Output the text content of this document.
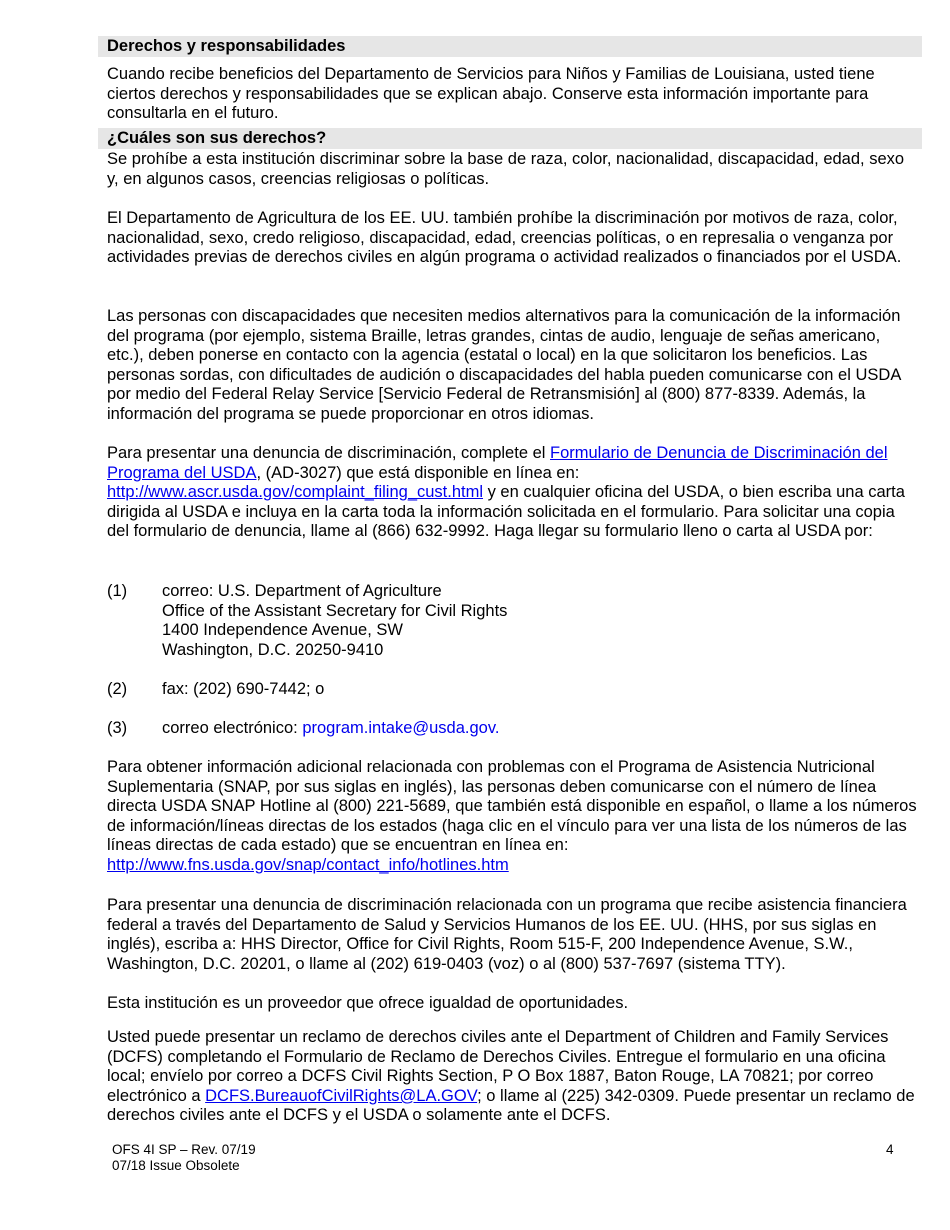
Derechos y responsabilidades

Cuando recibe beneficios del Departamento de Servicios para Niños y Familias de Louisiana, usted tiene ciertos derechos y responsabilidades que se explican abajo. Conserve esta información importante para consultarla en el futuro.

¿Cuáles son sus derechos?

Se prohíbe a esta institución discriminar sobre la base de raza, color, nacionalidad, discapacidad, edad, sexo y, en algunos casos, creencias religiosas o políticas.

El Departamento de Agricultura de los EE. UU. también prohíbe la discriminación por motivos de raza, color, nacionalidad, sexo, credo religioso, discapacidad, edad, creencias políticas, o en represalia o venganza por actividades previas de derechos civiles en algún programa o actividad realizados o financiados por el USDA.

Las personas con discapacidades que necesiten medios alternativos para la comunicación de la información del programa (por ejemplo, sistema Braille, letras grandes, cintas de audio, lenguaje de señas americano, etc.), deben ponerse en contacto con la agencia (estatal o local) en la que solicitaron los beneficios. Las personas sordas, con dificultades de audición o discapacidades del habla pueden comunicarse con el USDA por medio del Federal Relay Service [Servicio Federal de Retransmisión] al (800) 877-8339. Además, la información del programa se puede proporcionar en otros idiomas.

Para presentar una denuncia de discriminación, complete el Formulario de Denuncia de Discriminación del Programa del USDA, (AD-3027) que está disponible en línea en: http://www.ascr.usda.gov/complaint_filing_cust.html y en cualquier oficina del USDA, o bien escriba una carta dirigida al USDA e incluya en la carta toda la información solicitada en el formulario. Para solicitar una copia del formulario de denuncia, llame al (866) 632-9992. Haga llegar su formulario lleno o carta al USDA por:

(1) correo: U.S. Department of Agriculture
Office of the Assistant Secretary for Civil Rights
1400 Independence Avenue, SW
Washington, D.C. 20250-9410
(2) fax: (202) 690-7442; o
(3) correo electrónico: program.intake@usda.gov.

Para obtener información adicional relacionada con problemas con el Programa de Asistencia Nutricional Suplementaria (SNAP, por sus siglas en inglés), las personas deben comunicarse con el número de línea directa USDA SNAP Hotline al (800) 221-5689, que también está disponible en español, o llame a los números de información/líneas directas de los estados (haga clic en el vínculo para ver una lista de los números de las líneas directas de cada estado) que se encuentran en línea en: http://www.fns.usda.gov/snap/contact_info/hotlines.htm

Para presentar una denuncia de discriminación relacionada con un programa que recibe asistencia financiera federal a través del Departamento de Salud y Servicios Humanos de los EE. UU. (HHS, por sus siglas en inglés), escriba a: HHS Director, Office for Civil Rights, Room 515-F, 200 Independence Avenue, S.W., Washington, D.C. 20201, o llame al (202) 619-0403 (voz) o al (800) 537-7697 (sistema TTY).

Esta institución es un proveedor que ofrece igualdad de oportunidades.

Usted puede presentar un reclamo de derechos civiles ante el Department of Children and Family Services (DCFS) completando el Formulario de Reclamo de Derechos Civiles. Entregue el formulario en una oficina local; envíelo por correo a DCFS Civil Rights Section, P O Box 1887, Baton Rouge, LA 70821; por correo electrónico a DCFS.BureauofCivilRights@LA.GOV; o llame al (225) 342-0309. Puede presentar un reclamo de derechos civiles ante el DCFS y el USDA o solamente ante el DCFS.

OFS 4I SP – Rev. 07/19
07/18 Issue Obsolete
4
